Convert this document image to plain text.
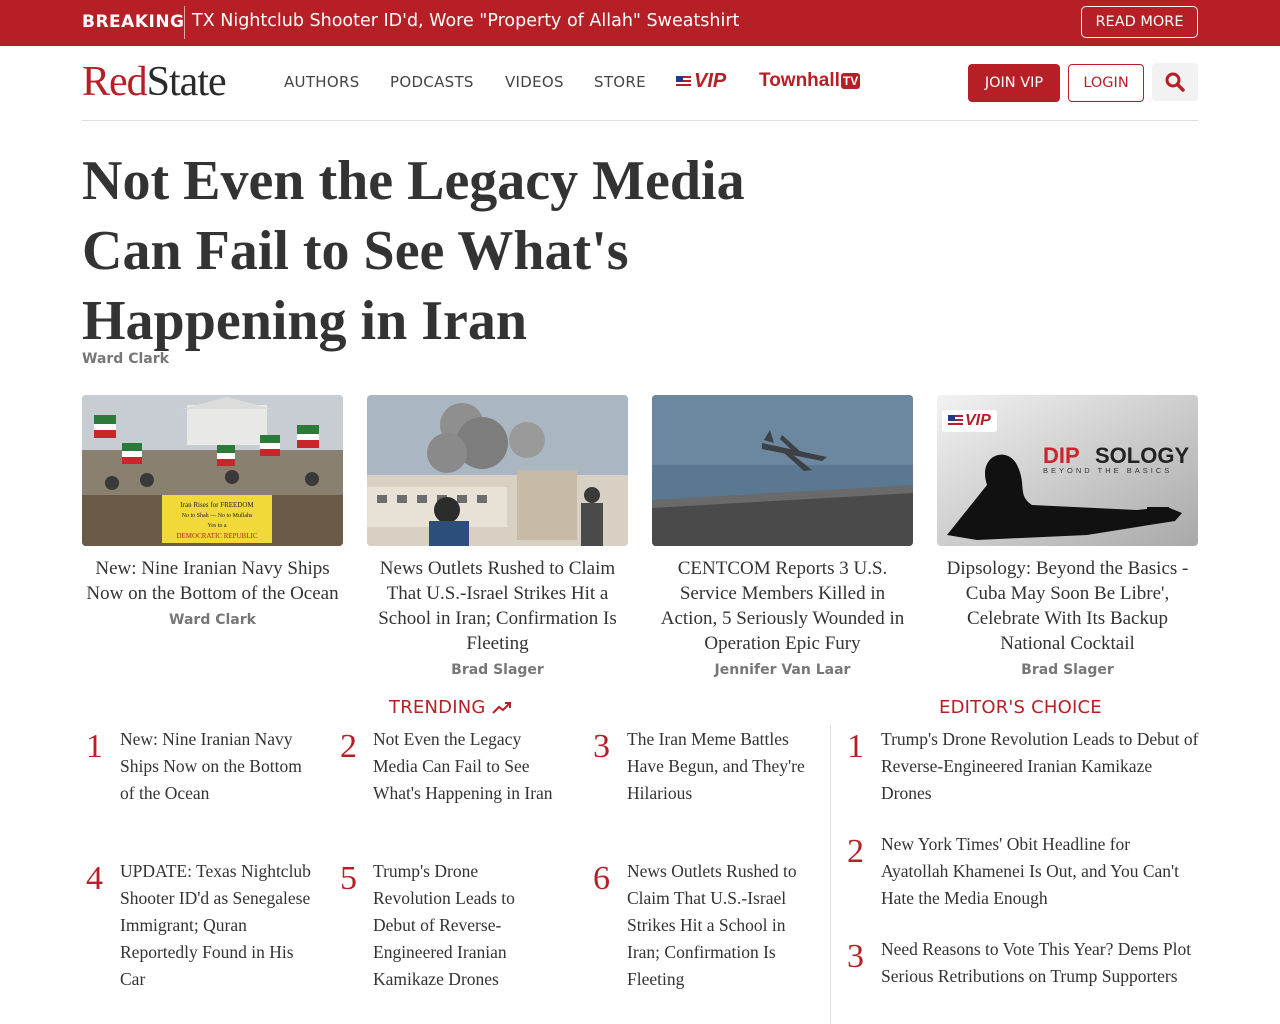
BREAKING TX Nightclub Shooter ID'd, Wore "Property of Allah" Sweatshirt	READ MORE
RedState	AUTHORS PODCASTS VIDEOS STORE VIP Townhall TV	JOIN VIP	LOGIN
Not Even the Legacy Media Can Fail to See What's Happening in Iran
Ward Clark
Iran Rises for FREEDOM
No to Shah — No to Mullahs
Yes to a
DEMOCRATIC REPUBLIC
New: Nine Iranian Navy Ships Now on the Bottom of the Ocean
Ward Clark
News Outlets Rushed to Claim That U.S.-Israel Strikes Hit a School in Iran; Confirmation Is Fleeting
Brad Slager
CENTCOM Reports 3 U.S. Service Members Killed in Action, 5 Seriously Wounded in Operation Epic Fury
Jennifer Van Laar
DIP SOLOGY
BEYOND THE BASICS
VIP
Dipsology: Beyond the Basics - Cuba May Soon Be Libre', Celebrate With Its Backup National Cocktail
Brad Slager
TRENDING	EDITOR'S CHOICE
1 New: Nine Iranian Navy Ships Now on the Bottom of the Ocean
2 Not Even the Legacy Media Can Fail to See What's Happening in Iran
3 The Iran Meme Battles Have Begun, and They're Hilarious
4 UPDATE: Texas Nightclub Shooter ID'd as Senegalese Immigrant; Quran Reportedly Found in His Car
5 Trump's Drone Revolution Leads to Debut of Reverse-Engineered Iranian Kamikaze Drones
6 News Outlets Rushed to Claim That U.S.-Israel Strikes Hit a School in Iran; Confirmation Is Fleeting
1 Trump's Drone Revolution Leads to Debut of Reverse-Engineered Iranian Kamikaze Drones
2 New York Times' Obit Headline for Ayatollah Khamenei Is Out, and You Can't Hate the Media Enough
3 Need Reasons to Vote This Year? Dems Plot Serious Retributions on Trump Supporters
